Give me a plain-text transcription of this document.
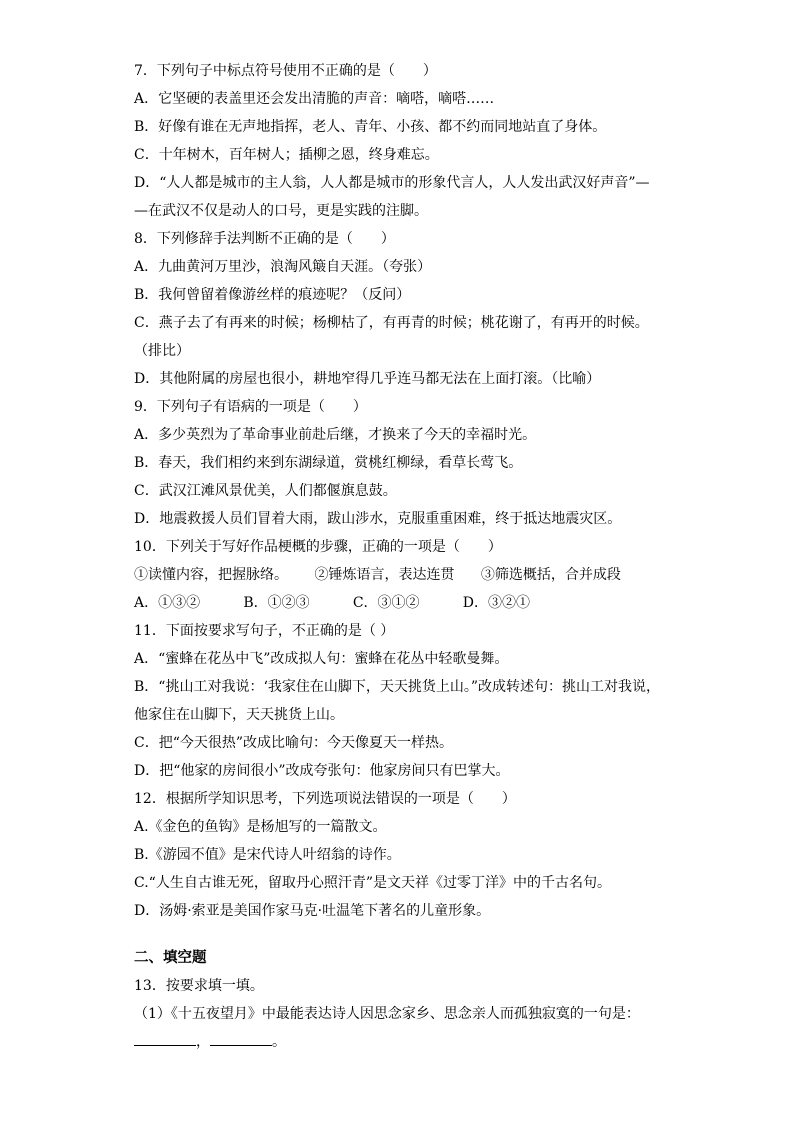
7．下列句子中标点符号使用不正确的是（　　）

A．它坚硬的表盖里还会发出清脆的声音：嘀嗒，嘀嗒……

B．好像有谁在无声地指挥，老人、青年、小孩、都不约而同地站直了身体。

C．十年树木，百年树人；插柳之恩，终身难忘。

D．“人人都是城市的主人翁，人人都是城市的形象代言人，人人发出武汉好声音”—

—在武汉不仅是动人的口号，更是实践的注脚。

8．下列修辞手法判断不正确的是（　　）

A．九曲黄河万里沙，浪淘风簸自天涯。（夸张）

B．我何曾留着像游丝样的痕迹呢？（反问）

C．燕子去了有再来的时候；杨柳枯了，有再青的时候；桃花谢了，有再开的时候。

（排比）

D．其他附属的房屋也很小，耕地窄得几乎连马都无法在上面打滚。（比喻）

9．下列句子有语病的一项是（　　）

A．多少英烈为了革命事业前赴后继，才换来了今天的幸福时光。

B．春天，我们相约来到东湖绿道，赏桃红柳绿，看草长莺飞。

C．武汉江滩风景优美，人们都偃旗息鼓。

D．地震救援人员们冒着大雨，跋山涉水，克服重重困难，终于抵达地震灾区。

10．下列关于写好作品梗概的步骤，正确的一项是（　　）

①读懂内容，把握脉络。 ②锤炼语言，表达连贯 ③筛选概括，合并成段

A．①③②	B．①②③	C．③①②	D．③②①

11．下面按要求写句子，不正确的是（ ）

A．“蜜蜂在花丛中飞”改成拟人句：蜜蜂在花丛中轻歌曼舞。

B．“挑山工对我说：‘我家住在山脚下，天天挑货上山。”改成转述句：挑山工对我说，

他家住在山脚下，天天挑货上山。

C．把“今天很热”改成比喻句：今天像夏天一样热。

D．把“他家的房间很小”改成夸张句：他家房间只有巴掌大。

12．根据所学知识思考，下列选项说法错误的一项是（　　）

A.《金色的鱼钩》是杨旭写的一篇散文。

B.《游园不值》是宋代诗人叶绍翁的诗作。

C.“人生自古谁无死，留取丹心照汗青”是文天祥《过零丁洋》中的千古名句。

D．汤姆·索亚是美国作家马克·吐温笔下著名的儿童形象。

二、填空题

13．按要求填一填。

（1）《十五夜望月》中最能表达诗人因思念家乡、思念亲人而孤独寂寞的一句是：

，	。
